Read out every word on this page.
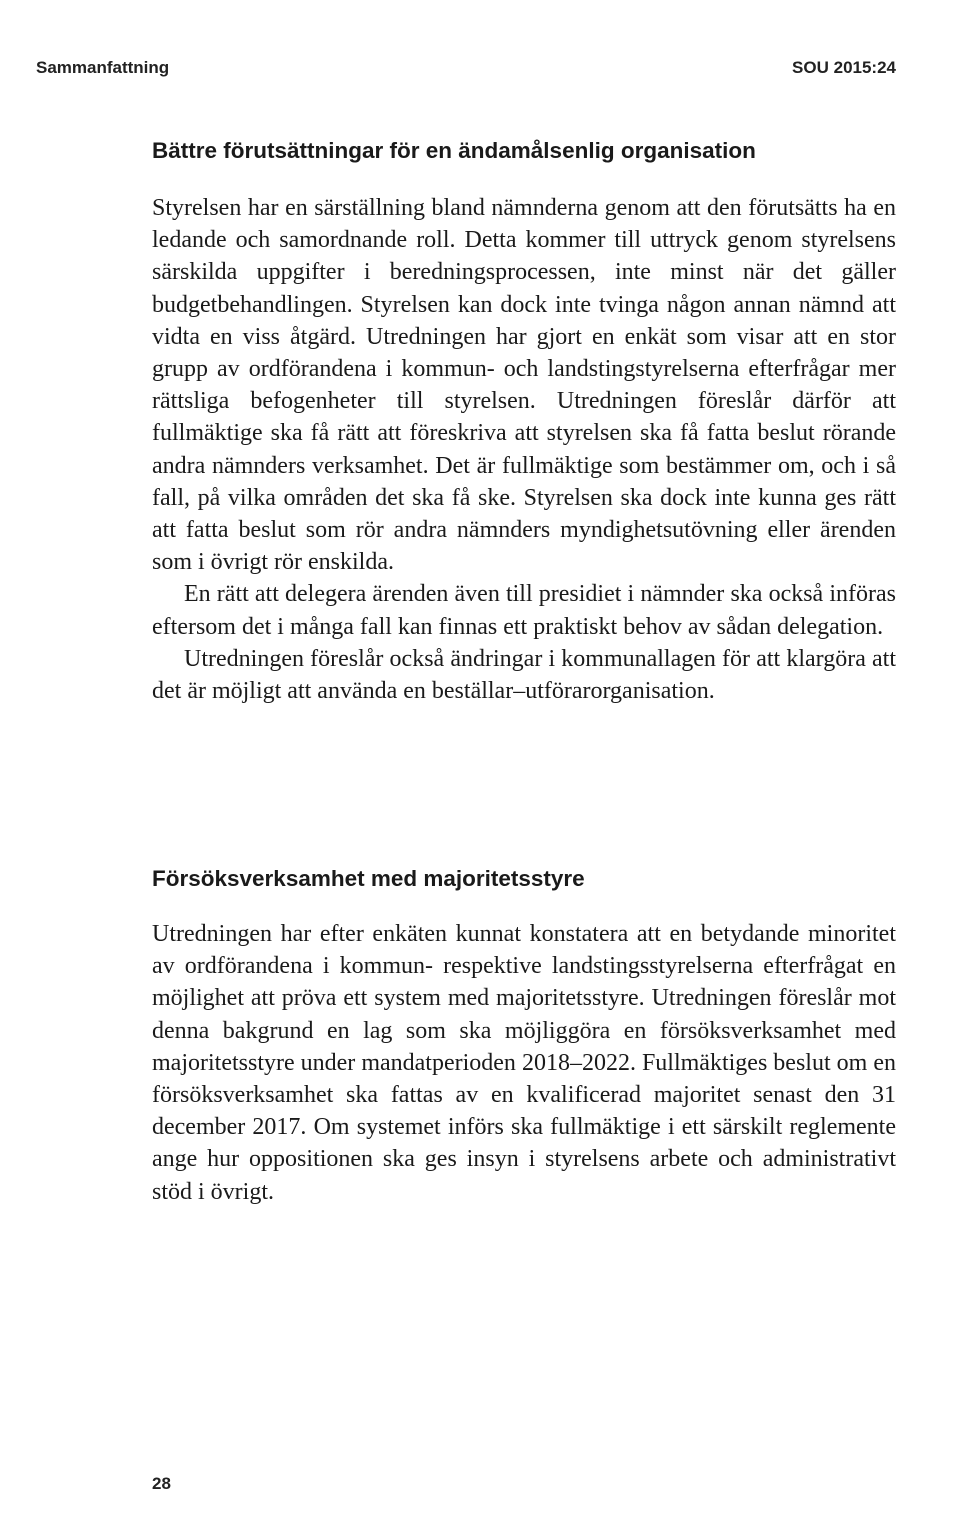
Sammanfattning	SOU 2015:24
Bättre förutsättningar för en ändamålsenlig organisation

Styrelsen har en särställning bland nämnderna genom att den förutsätts ha en ledande och samordnande roll. Detta kommer till uttryck genom styrelsens särskilda uppgifter i beredningsprocessen, inte minst när det gäller budgetbehandlingen. Styrelsen kan dock inte tvinga någon annan nämnd att vidta en viss åtgärd. Utredningen har gjort en enkät som visar att en stor grupp av ordförandena i kommun- och landstingstyrelserna efterfrågar mer rättsliga befogenheter till styrelsen. Utredningen föreslår därför att fullmäktige ska få rätt att föreskriva att styrelsen ska få fatta beslut rörande andra nämnders verksamhet. Det är fullmäktige som bestämmer om, och i så fall, på vilka områden det ska få ske. Styrelsen ska dock inte kunna ges rätt att fatta beslut som rör andra nämnders myndighetsutövning eller ärenden som i övrigt rör enskilda.

En rätt att delegera ärenden även till presidiet i nämnder ska också införas eftersom det i många fall kan finnas ett praktiskt behov av sådan delegation.

Utredningen föreslår också ändringar i kommunallagen för att klargöra att det är möjligt att använda en beställar–utförarorganisation.

Försöksverksamhet med majoritetsstyre

Utredningen har efter enkäten kunnat konstatera att en betydande minoritet av ordförandena i kommun- respektive landstingsstyrelserna efterfrågat en möjlighet att pröva ett system med majoritetsstyre. Utredningen föreslår mot denna bakgrund en lag som ska möjliggöra en försöksverksamhet med majoritetsstyre under mandatperioden 2018–2022. Fullmäktiges beslut om en försöksverksamhet ska fattas av en kvalificerad majoritet senast den 31 december 2017. Om systemet införs ska fullmäktige i ett särskilt reglemente ange hur oppositionen ska ges insyn i styrelsens arbete och administrativt stöd i övrigt.

28
